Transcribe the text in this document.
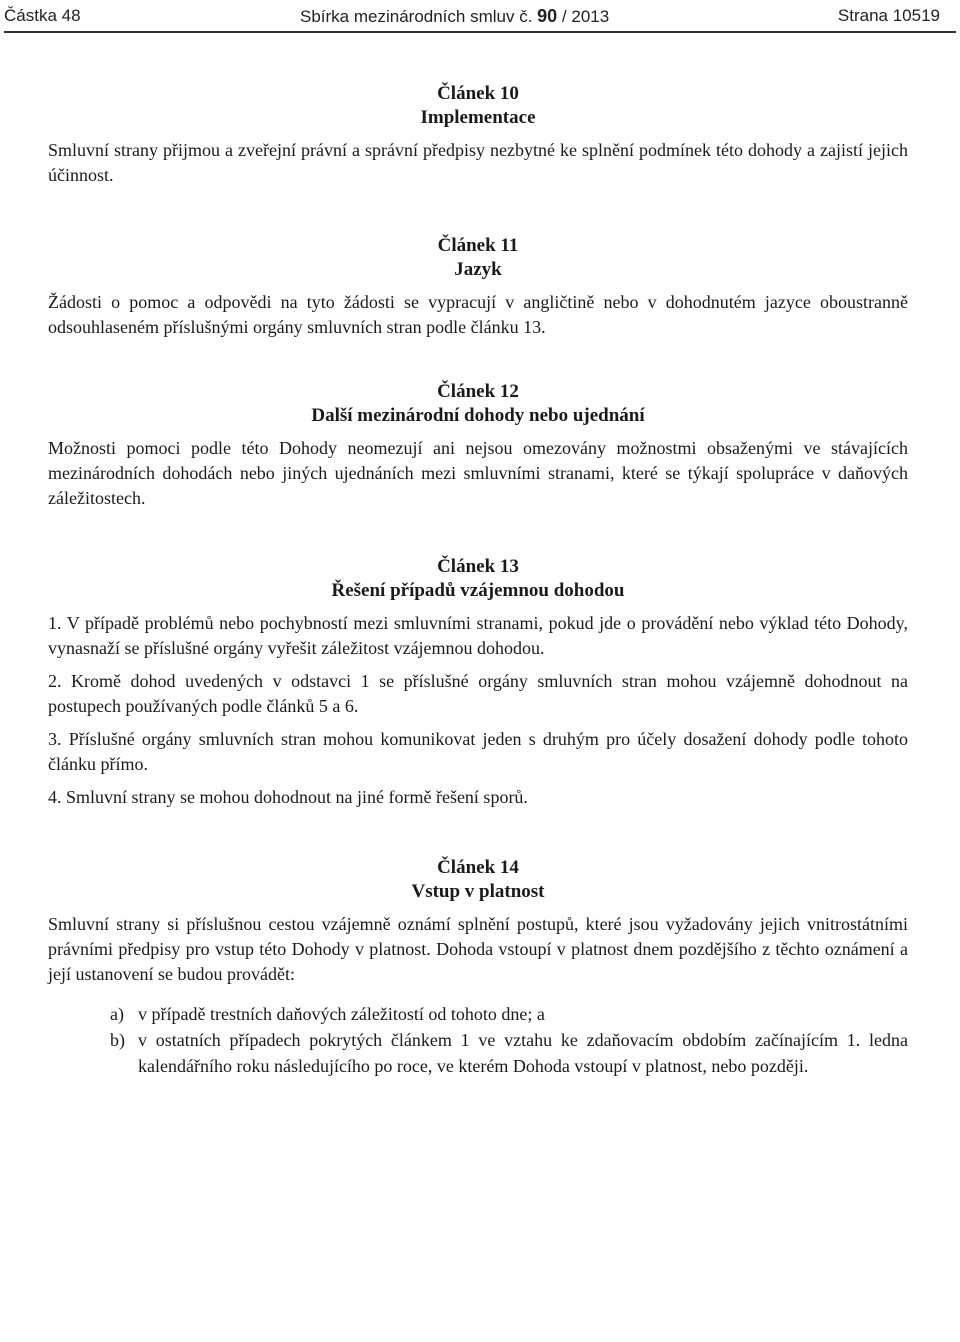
Částka 48	Sbírka mezinárodních smluv č. 90 / 2013	Strana 10519
Článek 10
Implementace

Smluvní strany přijmou a zveřejní právní a správní předpisy nezbytné ke splnění podmínek této dohody a zajistí jejich účinnost.

Článek 11
Jazyk

Žádosti o pomoc a odpovědi na tyto žádosti se vypracují v angličtině nebo v dohodnutém jazyce oboustranně odsouhlaseném příslušnými orgány smluvních stran podle článku 13.

Článek 12
Další mezinárodní dohody nebo ujednání

Možnosti pomoci podle této Dohody neomezují ani nejsou omezovány možnostmi obsaženými ve stávajících mezinárodních dohodách nebo jiných ujednáních mezi smluvními stranami, které se týkají spolupráce v daňových záležitostech.

Článek 13
Řešení případů vzájemnou dohodou

1. V případě problémů nebo pochybností mezi smluvními stranami, pokud jde o provádění nebo výklad této Dohody, vynasnaží se příslušné orgány vyřešit záležitost vzájemnou dohodou.

2. Kromě dohod uvedených v odstavci 1 se příslušné orgány smluvních stran mohou vzájemně dohodnout na postupech používaných podle článků 5 a 6.

3. Příslušné orgány smluvních stran mohou komunikovat jeden s druhým pro účely dosažení dohody podle tohoto článku přímo.

4. Smluvní strany se mohou dohodnout na jiné formě řešení sporů.

Článek 14
Vstup v platnost

Smluvní strany si příslušnou cestou vzájemně oznámí splnění postupů, které jsou vyžadovány jejich vnitrostátními právními předpisy pro vstup této Dohody v platnost. Dohoda vstoupí v platnost dnem pozdějšího z těchto oznámení a její ustanovení se budou provádět:

a) v případě trestních daňových záležitostí od tohoto dne; a
b) v ostatních případech pokrytých článkem 1 ve vztahu ke zdaňovacím obdobím začínajícím 1. ledna kalendářního roku následujícího po roce, ve kterém Dohoda vstoupí v platnost, nebo později.
